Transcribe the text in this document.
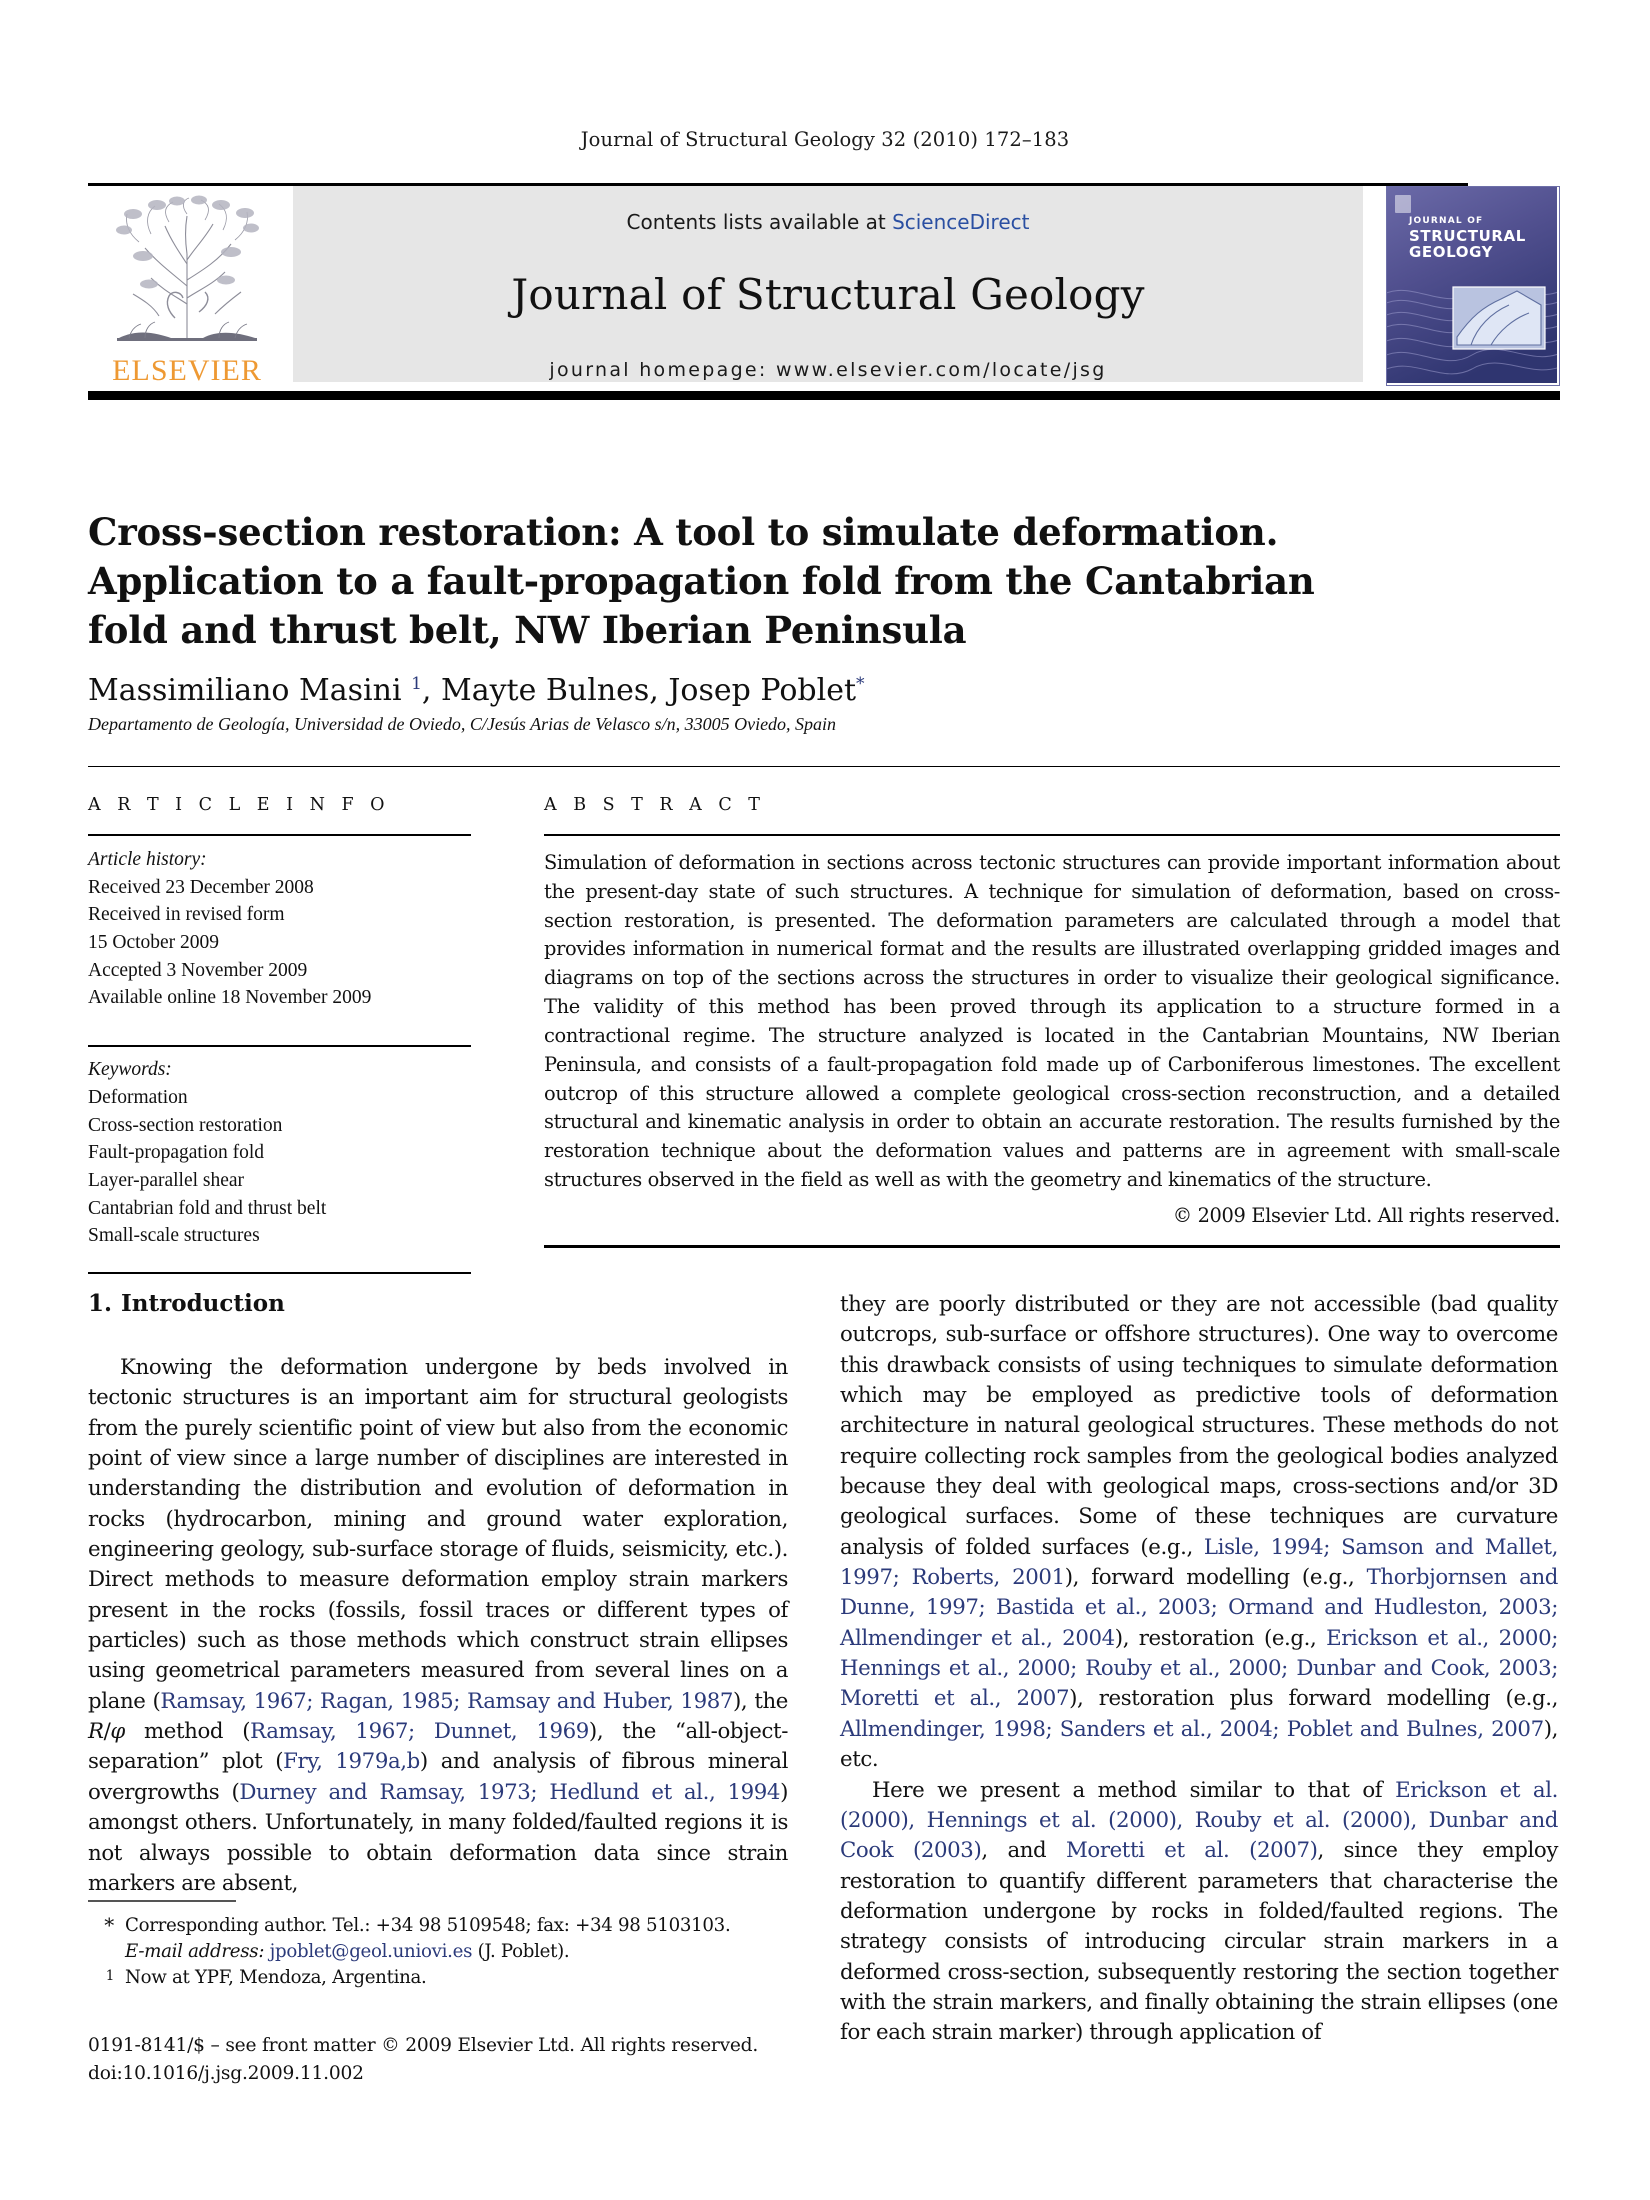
Journal of Structural Geology 32 (2010) 172–183
ELSEVIER
Contents lists available at ScienceDirect
Journal of Structural Geology
journal homepage: www.elsevier.com/locate/jsg
JOURNAL OF
STRUCTURAL
GEOLOGY
Cross-section restoration: A tool to simulate deformation. Application to a fault-propagation fold from the Cantabrian fold and thrust belt, NW Iberian Peninsula
Massimiliano Masini $^1$, Mayte Bulnes, Josep Poblet*
Departamento de Geología, Universidad de Oviedo, C/Jesús Arias de Velasco s/n, 33005 Oviedo, Spain
A R T I C L E I N F O
Article history:
Received 23 December 2008
Received in revised form
15 October 2009
Accepted 3 November 2009
Available online 18 November 2009
Keywords:
Deformation
Cross-section restoration
Fault-propagation fold
Layer-parallel shear
Cantabrian fold and thrust belt
Small-scale structures
A B S T R A C T
Simulation of deformation in sections across tectonic structures can provide important information about the present-day state of such structures. A technique for simulation of deformation, based on cross-section restoration, is presented. The deformation parameters are calculated through a model that provides information in numerical format and the results are illustrated overlapping gridded images and diagrams on top of the sections across the structures in order to visualize their geological significance. The validity of this method has been proved through its application to a structure formed in a contractional regime. The structure analyzed is located in the Cantabrian Mountains, NW Iberian Peninsula, and consists of a fault-propagation fold made up of Carboniferous limestones. The excellent outcrop of this structure allowed a complete geological cross-section reconstruction, and a detailed structural and kinematic analysis in order to obtain an accurate restoration. The results furnished by the restoration technique about the deformation values and patterns are in agreement with small-scale structures observed in the field as well as with the geometry and kinematics of the structure.
© 2009 Elsevier Ltd. All rights reserved.
1. Introduction

Knowing the deformation undergone by beds involved in tectonic structures is an important aim for structural geologists from the purely scientific point of view but also from the economic point of view since a large number of disciplines are interested in understanding the distribution and evolution of deformation in rocks (hydrocarbon, mining and ground water exploration, engineering geology, sub-surface storage of fluids, seismicity, etc.). Direct methods to measure deformation employ strain markers present in the rocks (fossils, fossil traces or different types of particles) such as those methods which construct strain ellipses using geometrical parameters measured from several lines on a plane (Ramsay, 1967; Ragan, 1985; Ramsay and Huber, 1987), the R/φ method (Ramsay, 1967; Dunnet, 1969), the “all-object-separation” plot (Fry, 1979a,b) and analysis of fibrous mineral overgrowths (Durney and Ramsay, 1973; Hedlund et al., 1994) amongst others. Unfortunately, in many folded/faulted regions it is not always possible to obtain deformation data since strain markers are absent,

they are poorly distributed or they are not accessible (bad quality outcrops, sub-surface or offshore structures). One way to overcome this drawback consists of using techniques to simulate deformation which may be employed as predictive tools of deformation architecture in natural geological structures. These methods do not require collecting rock samples from the geological bodies analyzed because they deal with geological maps, cross-sections and/or 3D geological surfaces. Some of these techniques are curvature analysis of folded surfaces (e.g., Lisle, 1994; Samson and Mallet, 1997; Roberts, 2001), forward modelling (e.g., Thorbjornsen and Dunne, 1997; Bastida et al., 2003; Ormand and Hudleston, 2003; Allmendinger et al., 2004), restoration (e.g., Erickson et al., 2000; Hennings et al., 2000; Rouby et al., 2000; Dunbar and Cook, 2003; Moretti et al., 2007), restoration plus forward modelling (e.g., Allmendinger, 1998; Sanders et al., 2004; Poblet and Bulnes, 2007), etc.

Here we present a method similar to that of Erickson et al. (2000), Hennings et al. (2000), Rouby et al. (2000), Dunbar and Cook (2003), and Moretti et al. (2007), since they employ restoration to quantify different parameters that characterise the deformation undergone by rocks in folded/faulted regions. The strategy consists of introducing circular strain markers in a deformed cross-section, subsequently restoring the section together with the strain markers, and finally obtaining the strain ellipses (one for each strain marker) through application of

* Corresponding author. Tel.: +34 98 5109548; fax: +34 98 5103103.
E-mail address: jpoblet@geol.uniovi.es (J. Poblet).
1 Now at YPF, Mendoza, Argentina.
0191-8141/$ – see front matter © 2009 Elsevier Ltd. All rights reserved.
doi:10.1016/j.jsg.2009.11.002
